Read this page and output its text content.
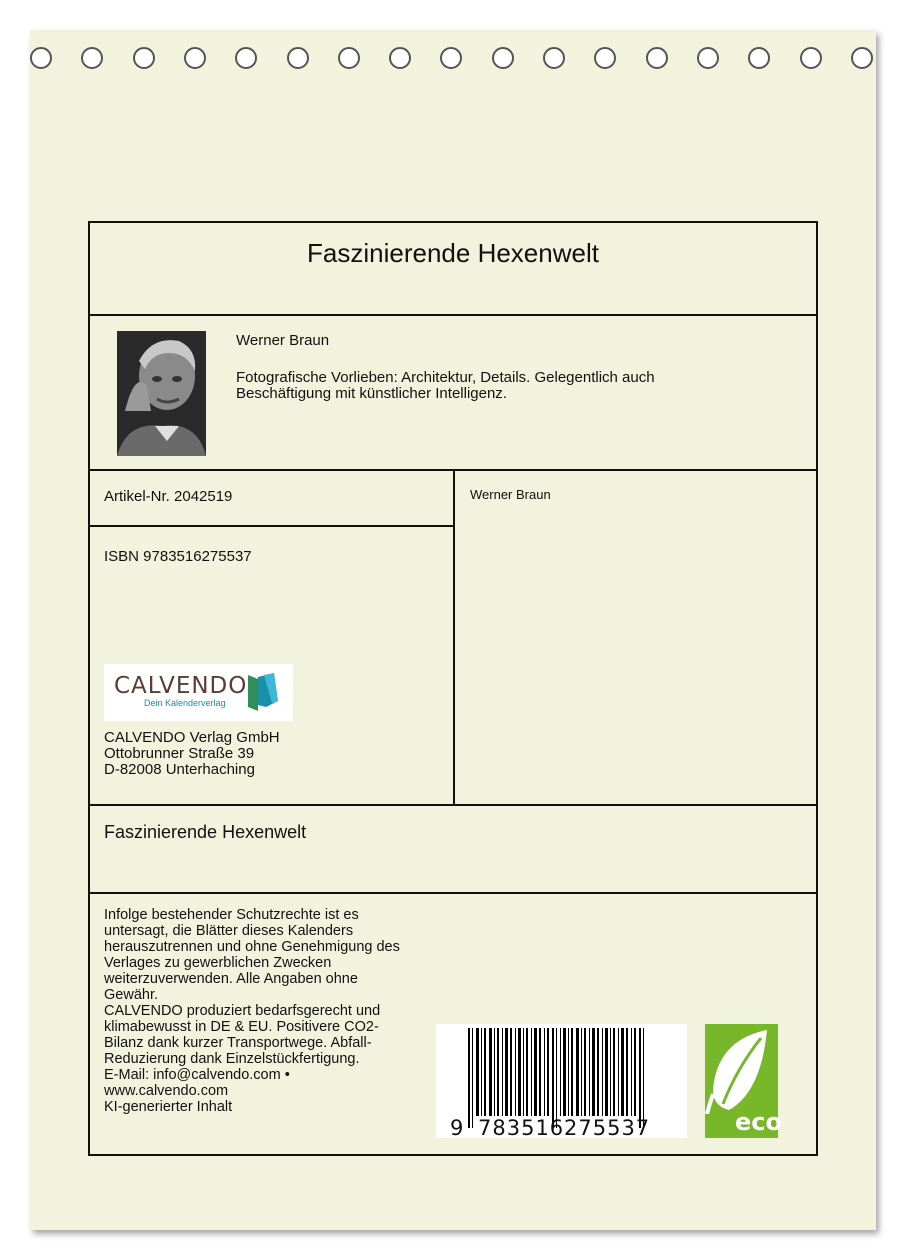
Faszinierende Hexenwelt
Werner Braun
Fotografische Vorlieben: Architektur, Details. Gelegentlich auch
Beschäftigung mit künstlicher Intelligenz.
Artikel-Nr. 2042519
ISBN 9783516275537
Werner Braun
CALVENDO
Dein Kalenderverlag
CALVENDO Verlag GmbH
Ottobrunner Straße 39
D-82008 Unterhaching
Faszinierende Hexenwelt
Infolge bestehender Schutzrechte ist es
untersagt, die Blätter dieses Kalenders
herauszutrennen und ohne Genehmigung des
Verlages zu gewerblichen Zwecken
weiterzuverwenden. Alle Angaben ohne
Gewähr.
CALVENDO produziert bedarfsgerecht und
klimabewusst in DE & EU. Positivere CO2-
Bilanz dank kurzer Transportwege. Abfall-
Reduzierung dank Einzelstückfertigung.
E-Mail: info@calvendo.com •
www.calvendo.com
KI-generierter Inhalt
9 783516 275537	eco
